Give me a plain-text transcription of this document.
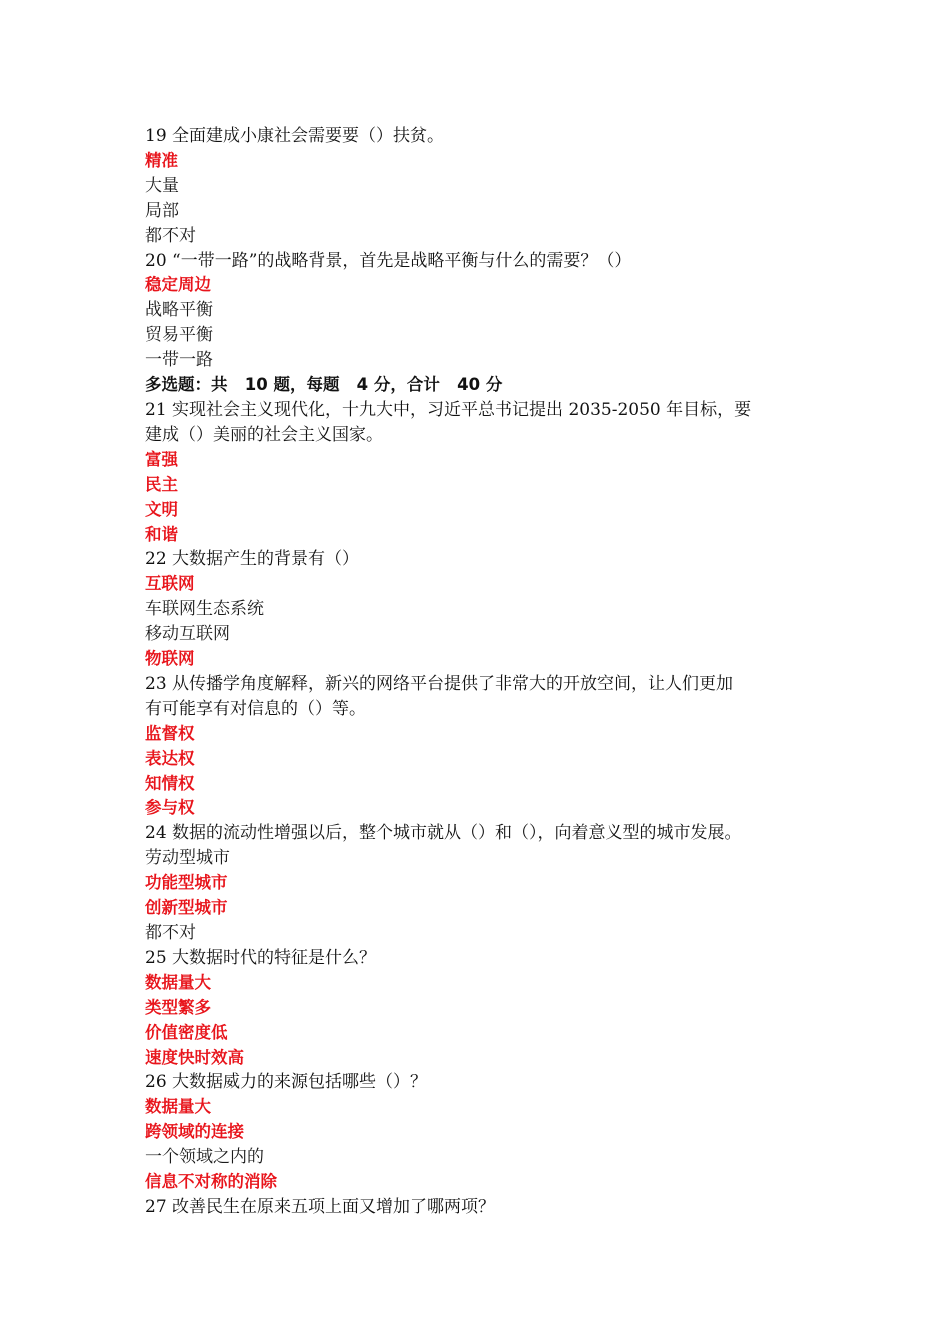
19 全面建成小康社会需要要（）扶贫。
精准
大量
局部
都不对
20 “一带一路”的战略背景，首先是战略平衡与什么的需要？（）
稳定周边
战略平衡
贸易平衡
一带一路
多选题：共   10 题，每题   4 分，合计   40 分
21 实现社会主义现代化，十九大中，习近平总书记提出 2035-2050 年目标，要
建成（）美丽的社会主义国家。
富强
民主
文明
和谐
22 大数据产生的背景有（）
互联网
车联网生态系统
移动互联网
物联网
23 从传播学角度解释，新兴的网络平台提供了非常大的开放空间，让人们更加
有可能享有对信息的（）等。
监督权
表达权
知情权
参与权
24 数据的流动性增强以后，整个城市就从（）和（），向着意义型的城市发展。
劳动型城市
功能型城市
创新型城市
都不对
25 大数据时代的特征是什么？
数据量大
类型繁多
价值密度低
速度快时效高
26 大数据威力的来源包括哪些（）？
数据量大
跨领域的连接
一个领域之内的
信息不对称的消除
27 改善民生在原来五项上面又增加了哪两项？
